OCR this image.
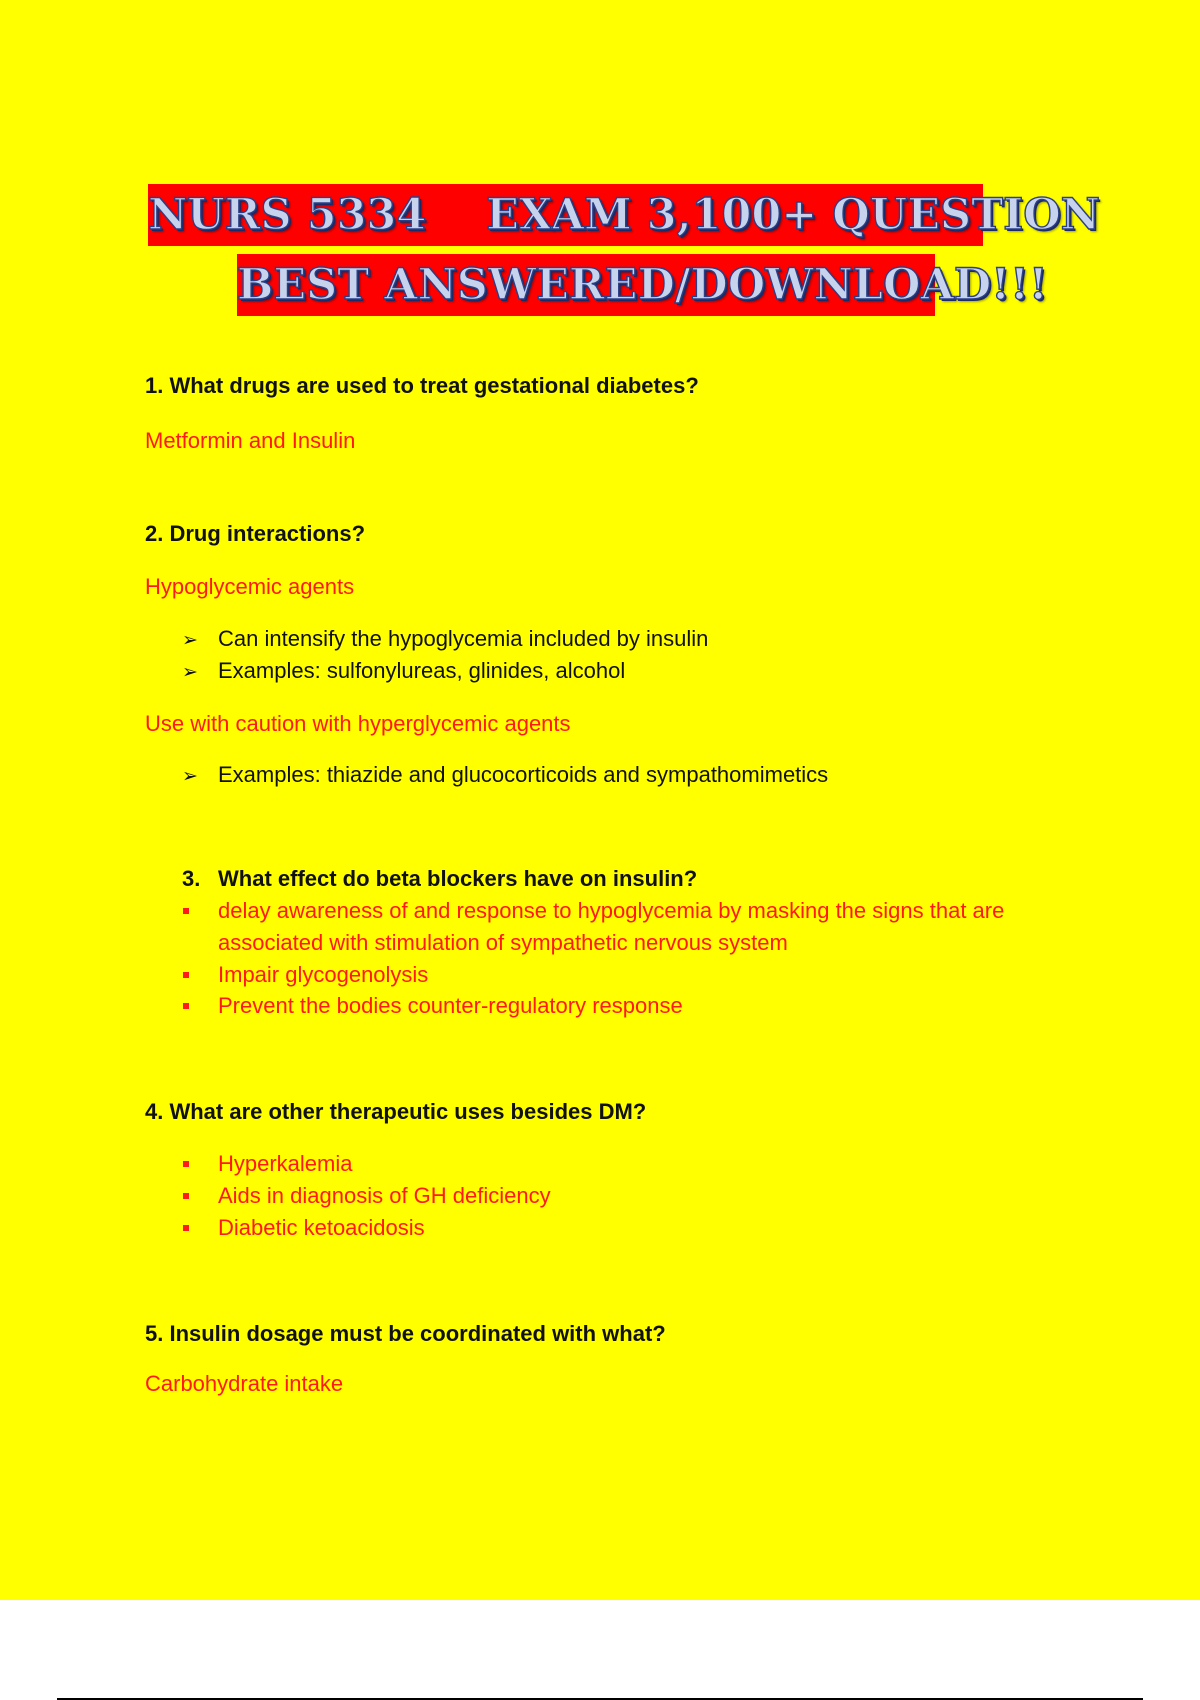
NURS 5334    EXAM 3,100+ QUESTION
BEST ANSWERED/DOWNLOAD!!!

1. What drugs are used to treat gestational diabetes?

Metformin and Insulin

2. Drug interactions?

Hypoglycemic agents

➢ Can intensify the hypoglycemia included by insulin
➢ Examples: sulfonylureas, glinides, alcohol

Use with caution with hyperglycemic agents

➢ Examples: thiazide and glucocorticoids and sympathomimetics
3. What effect do beta blockers have on insulin?
delay awareness of and response to hypoglycemia by masking the signs that are associated with stimulation of sympathetic nervous system
Impair glycogenolysis
Prevent the bodies counter-regulatory response

4. What are other therapeutic uses besides DM?

Hyperkalemia
Aids in diagnosis of GH deficiency
Diabetic ketoacidosis

5. Insulin dosage must be coordinated with what?

Carbohydrate intake
